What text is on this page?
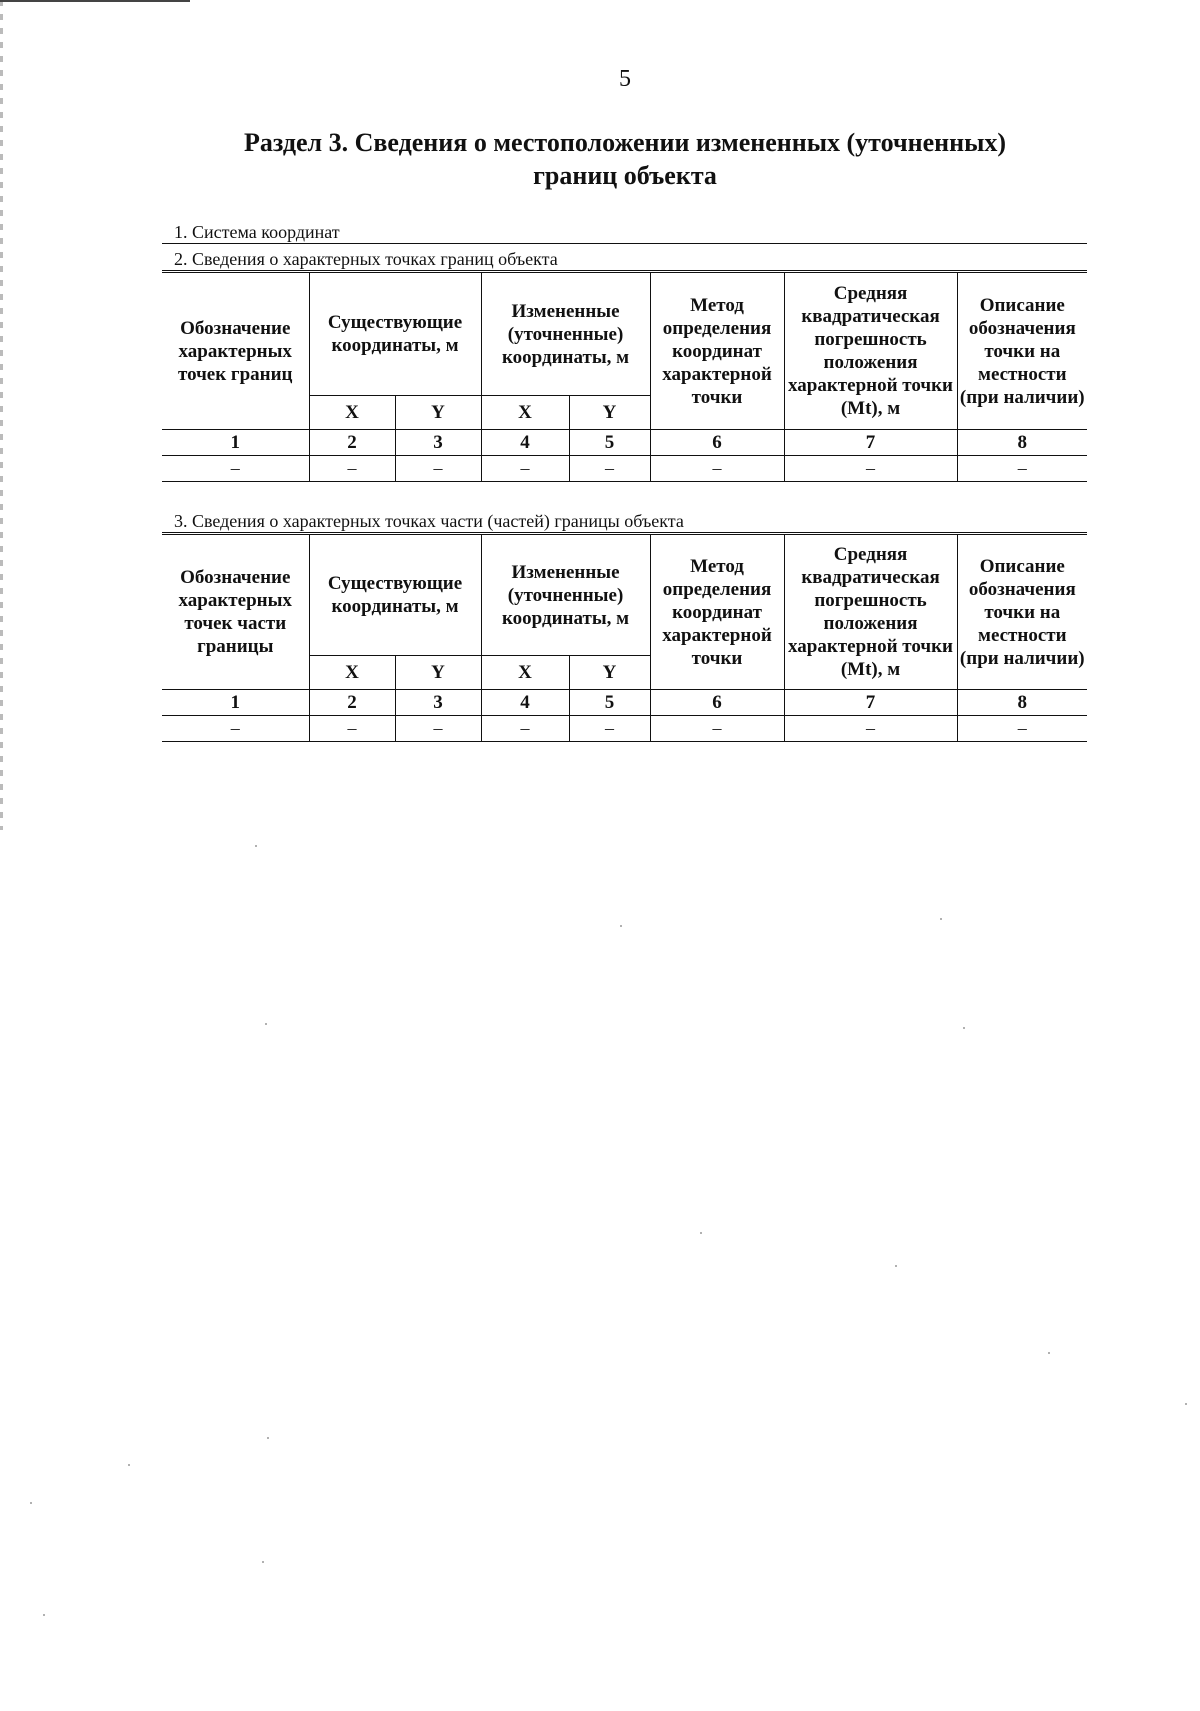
5
Раздел 3. Сведения о местоположении измененных (уточненных)
границ объекта
1. Система координат
2. Сведения о характерных точках границ объекта
Обозначение характерных точек границ	Существующие координаты, м		Измененные (уточненные) координаты, м		Метод определения координат характерной точки	Средняя квадратическая погрешность положения характерной точки (Mt), м	Описание обозначения точки на местности (при наличии)
	X	Y	X	Y			
1	2	3	4	5	6	7	8
–	–	–	–	–	–	–	–
3. Сведения о характерных точках части (частей) границы объекта
Обозначение характерных точек части границы	Существующие координаты, м		Измененные (уточненные) координаты, м		Метод определения координат характерной точки	Средняя квадратическая погрешность положения характерной точки (Mt), м	Описание обозначения точки на местности (при наличии)
	X	Y	X	Y			
1	2	3	4	5	6	7	8
–	–	–	–	–	–	–	–
